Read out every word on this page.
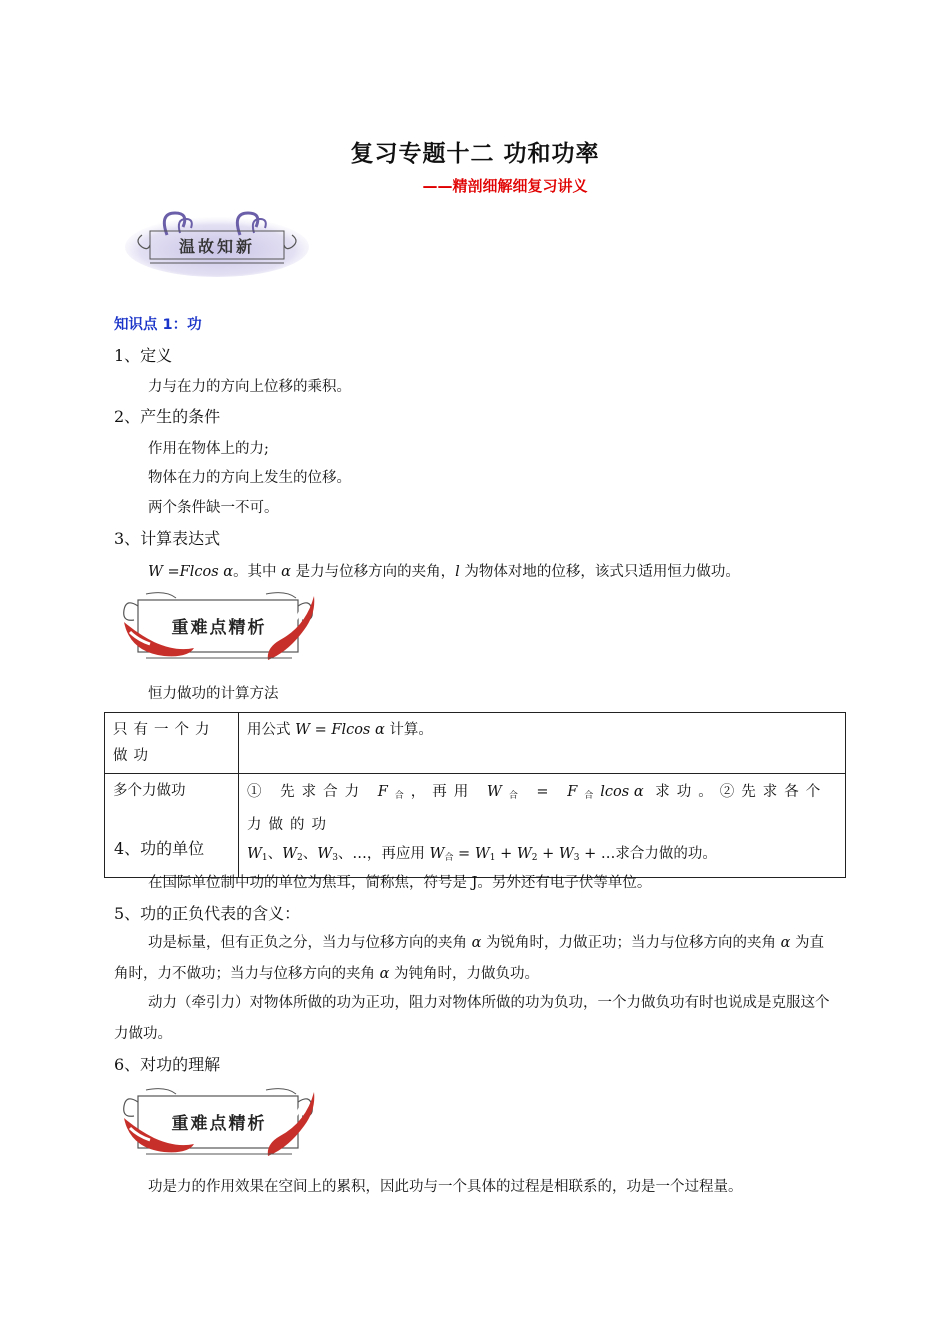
复习专题十二 功和功率
——精剖细解细复习讲义
温故知新
知识点 1：功
1、定义
力与在力的方向上位移的乘积。
2、产生的条件
作用在物体上的力;
物体在力的方向上发生的位移。
两个条件缺一不可。
3、计算表达式
W =Flcos α。其中 α 是力与位移方向的夹角，l 为物体对地的位移，该式只适用恒力做功。
重难点精析
恒力做功的计算方法
只有一个力做功	用公式 W = Flcos α 计算。
多个力做功	① 先求合力 $F_合$，再用 $W_合 = F_合lcos$ α 求功。②先求各个力做的功
$W_1$、$W_2$、$W_3$、…，再应用 $W_合 = W_1 + W_2 + W_3$ + …求合力做的功。
4、功的单位
在国际单位制中功的单位为焦耳，简称焦，符号是 J。另外还有电子伏等单位。
5、功的正负代表的含义：
功是标量，但有正负之分，当力与位移方向的夹角 α 为锐角时，力做正功；当力与位移方向的夹角 α 为直角时，力不做功；当力与位移方向的夹角 α 为钝角时，力做负功。
动力（牵引力）对物体所做的功为正功，阻力对物体所做的功为负功，一个力做负功有时也说成是克服这个力做功。
6、对功的理解
重难点精析
功是力的作用效果在空间上的累积，因此功与一个具体的过程是相联系的，功是一个过程量。
